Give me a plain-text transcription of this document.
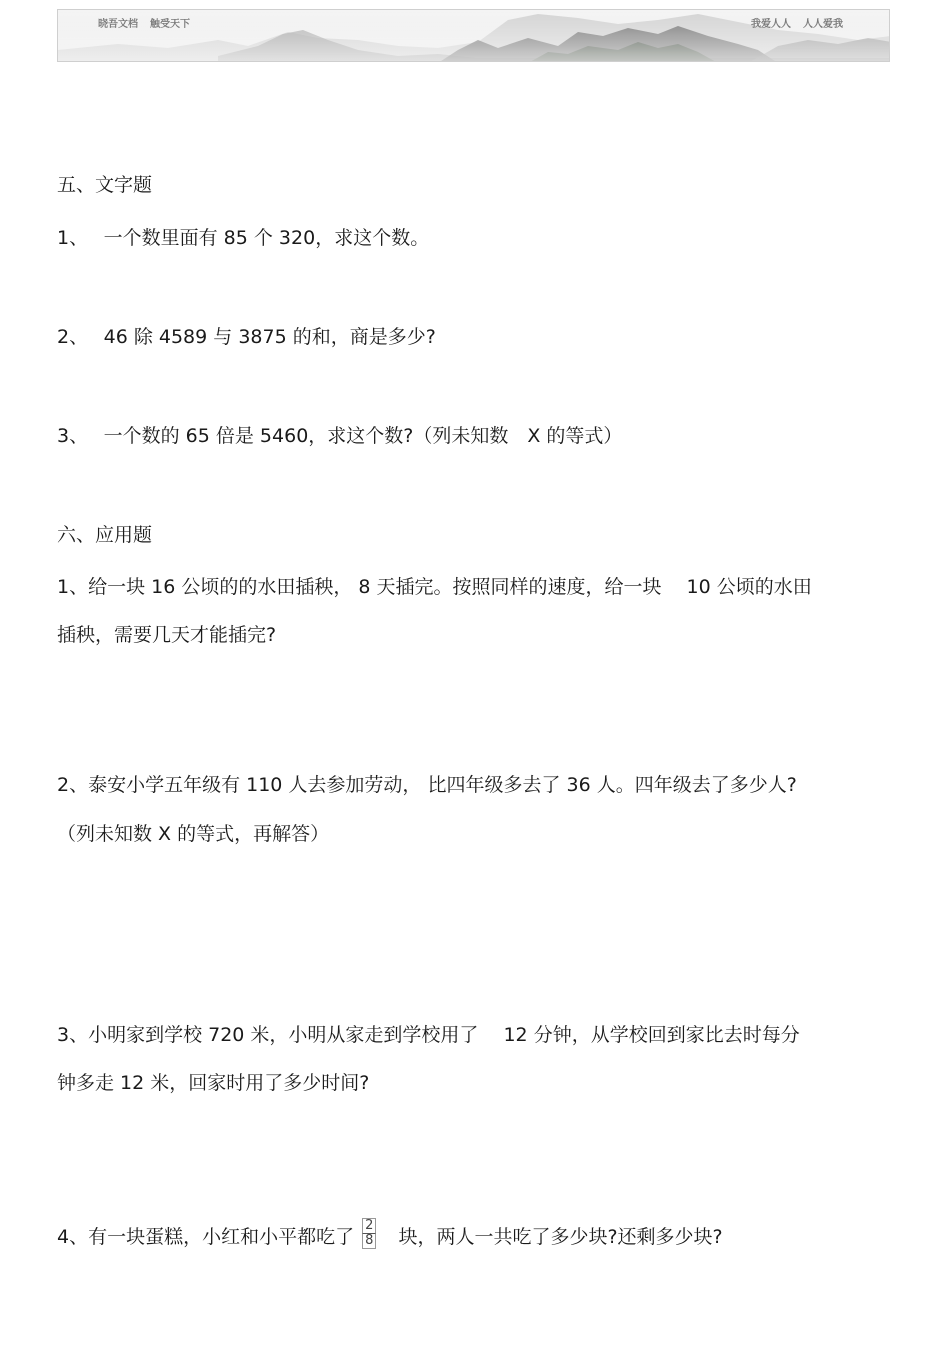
晓吾文档 触受天下	我爱人人 人人爱我
五、文字题
1、　 一个数里面有 85 个 320，求这个数。
2、　 46 除 4589 与 3875 的和，商是多少?
3、　 一个数的 65 倍是 5460，求这个数?（列未知数　X 的等式）
六、应用题
1、给一块 16 公顷的的水田插秧， 8 天插完。按照同样的速度，给一块　 10 公顷的水田
插秧，需要几天才能插完?
2、泰安小学五年级有 110 人去参加劳动， 比四年级多去了 36 人。四年级去了多少人?
（列未知数 X 的等式，再解答）
3、小明家到学校 720 米，小明从家走到学校用了　 12 分钟，从学校回到家比去时每分
钟多走 12 米，回家时用了多少时间?
4、有一块蛋糕，小红和小平都吃了 $\frac{2}{8}$ 块，两人一共吃了多少块?还剩多少块?
